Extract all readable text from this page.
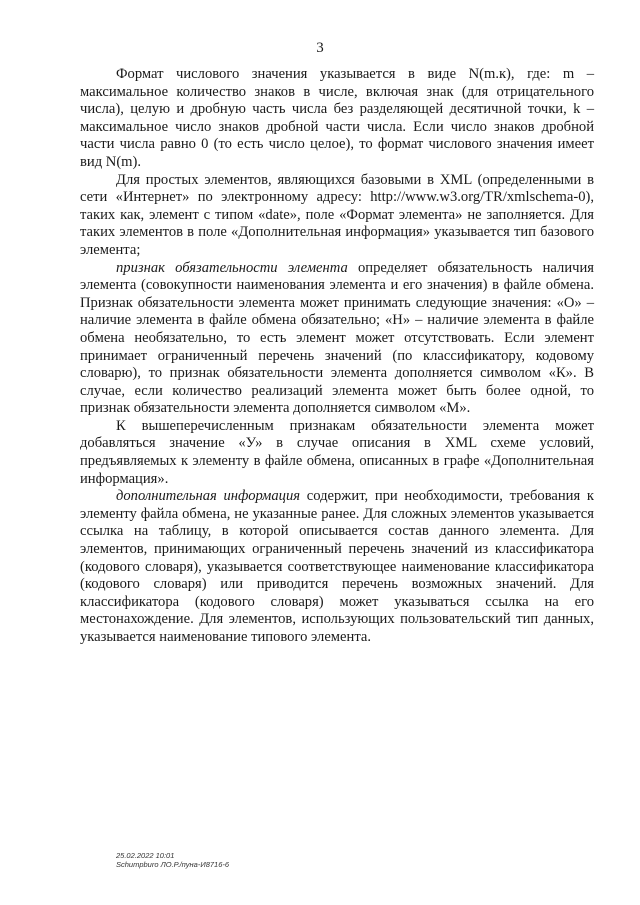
3

Формат числового значения указывается в виде N(m.к), где: m – максимальное количество знаков в числе, включая знак (для отрицательного числа), целую и дробную часть числа без разделяющей десятичной точки, k – максимальное число знаков дробной части числа. Если число знаков дробной части числа равно 0 (то есть число целое), то формат числового значения имеет вид N(m).

Для простых элементов, являющихся базовыми в XML (определенными в сети «Интернет» по электронному адресу: http://www.w3.org/TR/xmlschema-0), таких как, элемент с типом «date», поле «Формат элемента» не заполняется. Для таких элементов в поле «Дополнительная информация» указывается тип базового элемента;

признак обязательности элемента определяет обязательность наличия элемента (совокупности наименования элемента и его значения) в файле обмена. Признак обязательности элемента может принимать следующие значения: «О» – наличие элемента в файле обмена обязательно; «Н» – наличие элемента в файле обмена необязательно, то есть элемент может отсутствовать. Если элемент принимает ограниченный перечень значений (по классификатору, кодовому словарю), то признак обязательности элемента дополняется символом «К». В случае, если количество реализаций элемента может быть более одной, то признак обязательности элемента дополняется символом «М».

К вышеперечисленным признакам обязательности элемента может добавляться значение «У» в случае описания в XML схеме условий, предъявляемых к элементу в файле обмена, описанных в графе «Дополнительная информация».

дополнительная информация содержит, при необходимости, требования к элементу файла обмена, не указанные ранее. Для сложных элементов указывается ссылка на таблицу, в которой описывается состав данного элемента. Для элементов, принимающих ограниченный перечень значений из классификатора (кодового словаря), указывается соответствующее наименование классификатора (кодового словаря) или приводится перечень возможных значений. Для классификатора (кодового словаря) может указываться ссылка на его местонахождение. Для элементов, использующих пользовательский тип данных, указывается наименование типового элемента.

25.02.2022 10:01
Schumpburo ЛО.Р./пуна-И8716-6
